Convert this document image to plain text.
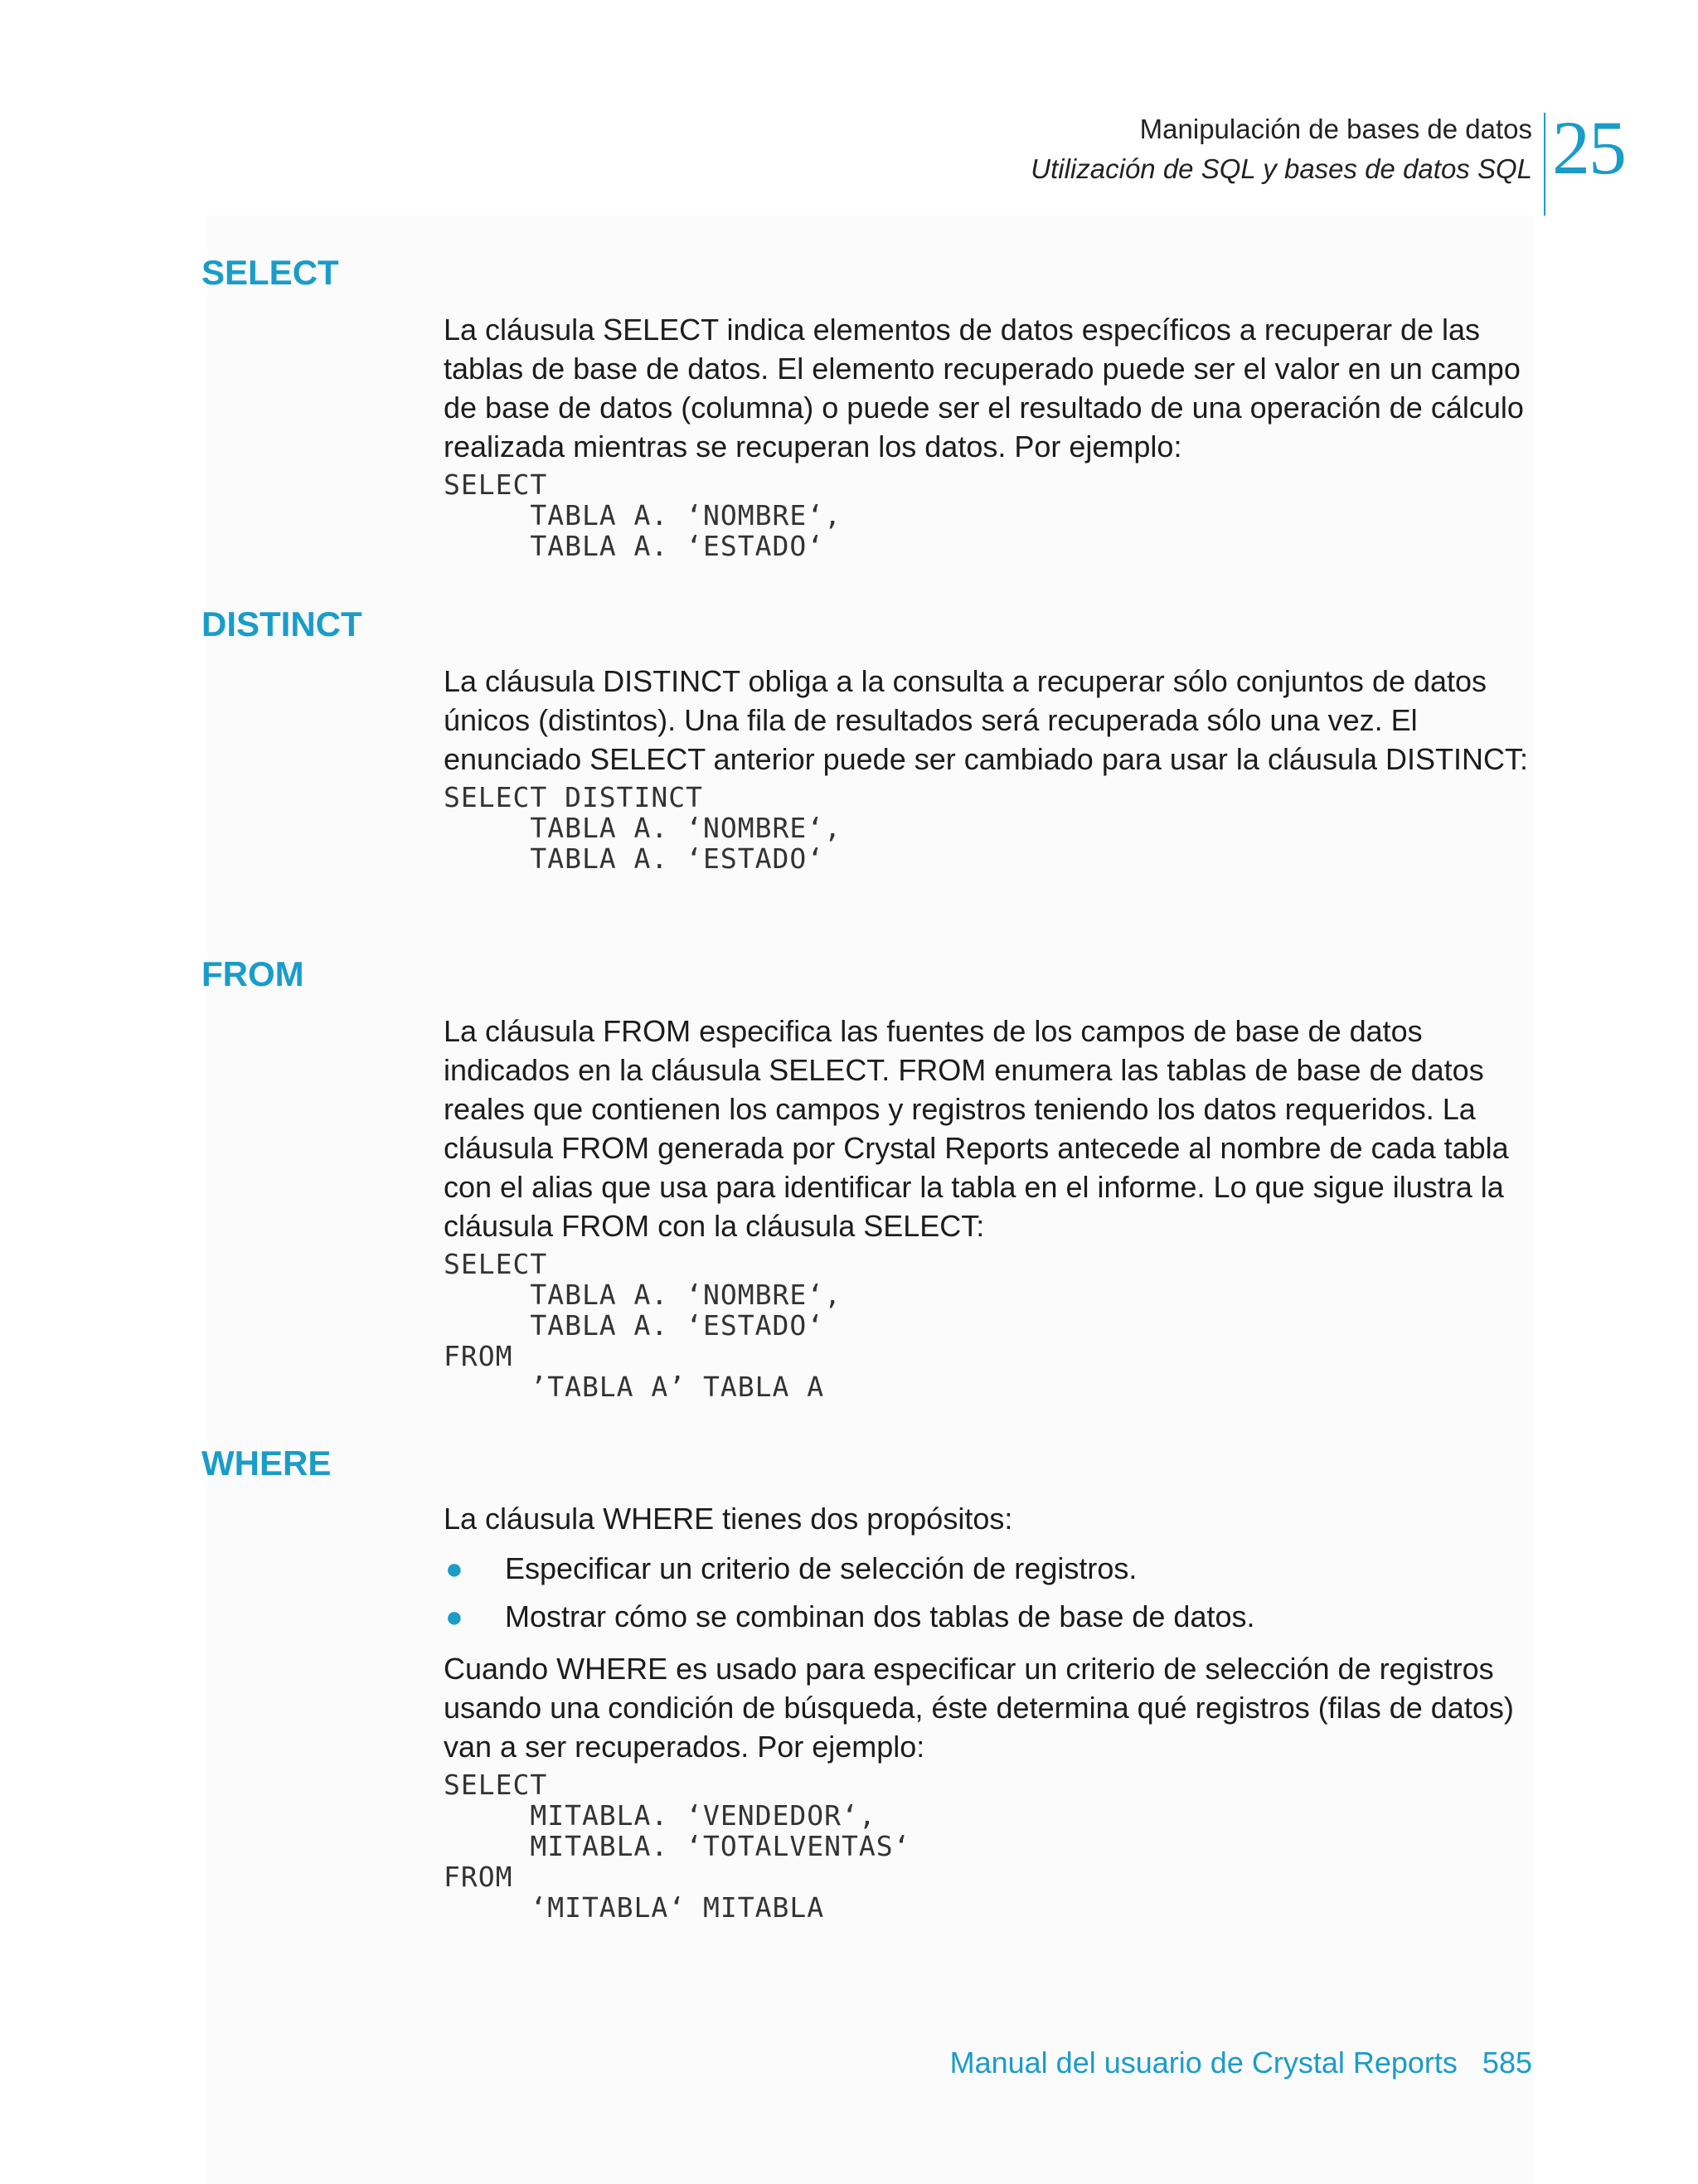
Manipulación de bases de datos
Utilización de SQL y bases de datos SQL 25
SELECT

La cláusula SELECT indica elementos de datos específicos a recuperar de las tablas de base de datos. El elemento recuperado puede ser el valor en un campo de base de datos (columna) o puede ser el resultado de una operación de cálculo realizada mientras se recuperan los datos. Por ejemplo:

SELECT
TABLA A. ‘NOMBRE‘,
TABLA A. ‘ESTADO‘
DISTINCT

La cláusula DISTINCT obliga a la consulta a recuperar sólo conjuntos de datos únicos (distintos). Una fila de resultados será recuperada sólo una vez. El enunciado SELECT anterior puede ser cambiado para usar la cláusula DISTINCT:

SELECT DISTINCT
TABLA A. ‘NOMBRE‘,
TABLA A. ‘ESTADO‘
FROM

La cláusula FROM especifica las fuentes de los campos de base de datos indicados en la cláusula SELECT. FROM enumera las tablas de base de datos reales que contienen los campos y registros teniendo los datos requeridos. La cláusula FROM generada por Crystal Reports antecede al nombre de cada tabla con el alias que usa para identificar la tabla en el informe. Lo que sigue ilustra la cláusula FROM con la cláusula SELECT:

SELECT
TABLA A. ‘NOMBRE‘,
TABLA A. ‘ESTADO‘
FROM
’TABLA A’ TABLA A
WHERE

La cláusula WHERE tienes dos propósitos:

● Especificar un criterio de selección de registros.
● Mostrar cómo se combinan dos tablas de base de datos.

Cuando WHERE es usado para especificar un criterio de selección de registros usando una condición de búsqueda, éste determina qué registros (filas de datos) van a ser recuperados. Por ejemplo:

SELECT
MITABLA. ‘VENDEDOR‘,
MITABLA. ‘TOTALVENTAS‘
FROM
‘MITABLA‘ MITABLA
Manual del usuario de Crystal Reports 585
